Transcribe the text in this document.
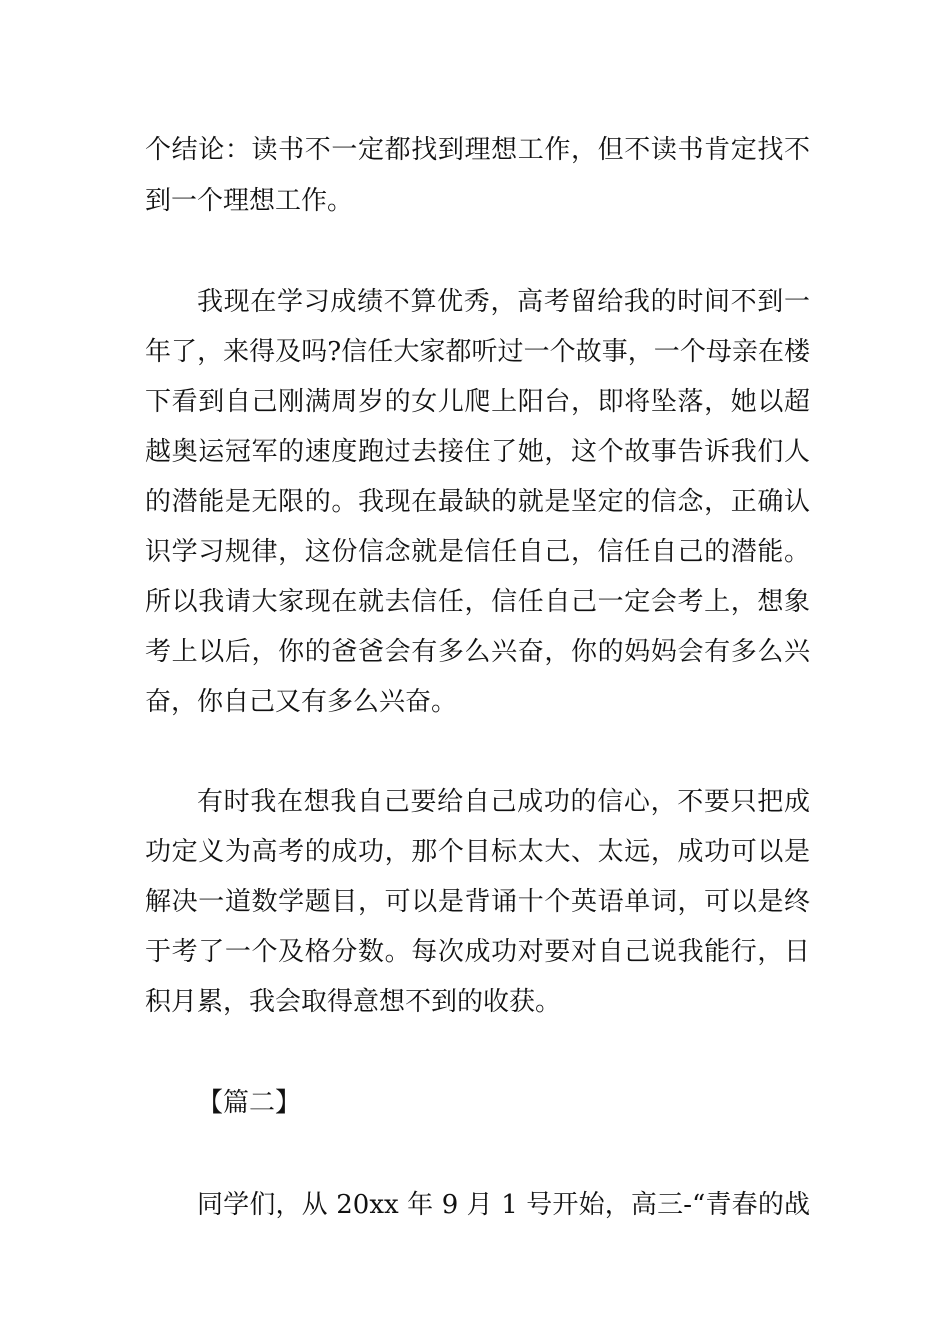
个结论：读书不一定都找到理想工作，但不读书肯定找不
到一个理想工作。
我现在学习成绩不算优秀，高考留给我的时间不到一
年了，来得及吗?信任大家都听过一个故事，一个母亲在楼
下看到自己刚满周岁的女儿爬上阳台，即将坠落，她以超
越奥运冠军的速度跑过去接住了她，这个故事告诉我们人
的潜能是无限的。我现在最缺的就是坚定的信念，正确认
识学习规律，这份信念就是信任自己，信任自己的潜能。
所以我请大家现在就去信任，信任自己一定会考上，想象
考上以后，你的爸爸会有多么兴奋，你的妈妈会有多么兴
奋，你自己又有多么兴奋。
有时我在想我自己要给自己成功的信心，不要只把成
功定义为高考的成功，那个目标太大、太远，成功可以是
解决一道数学题目，可以是背诵十个英语单词，可以是终
于考了一个及格分数。每次成功对要对自己说我能行，日
积月累，我会取得意想不到的收获。
【篇二】
同学们，从 20xx 年 9 月 1 号开始，高三-“青春的战
